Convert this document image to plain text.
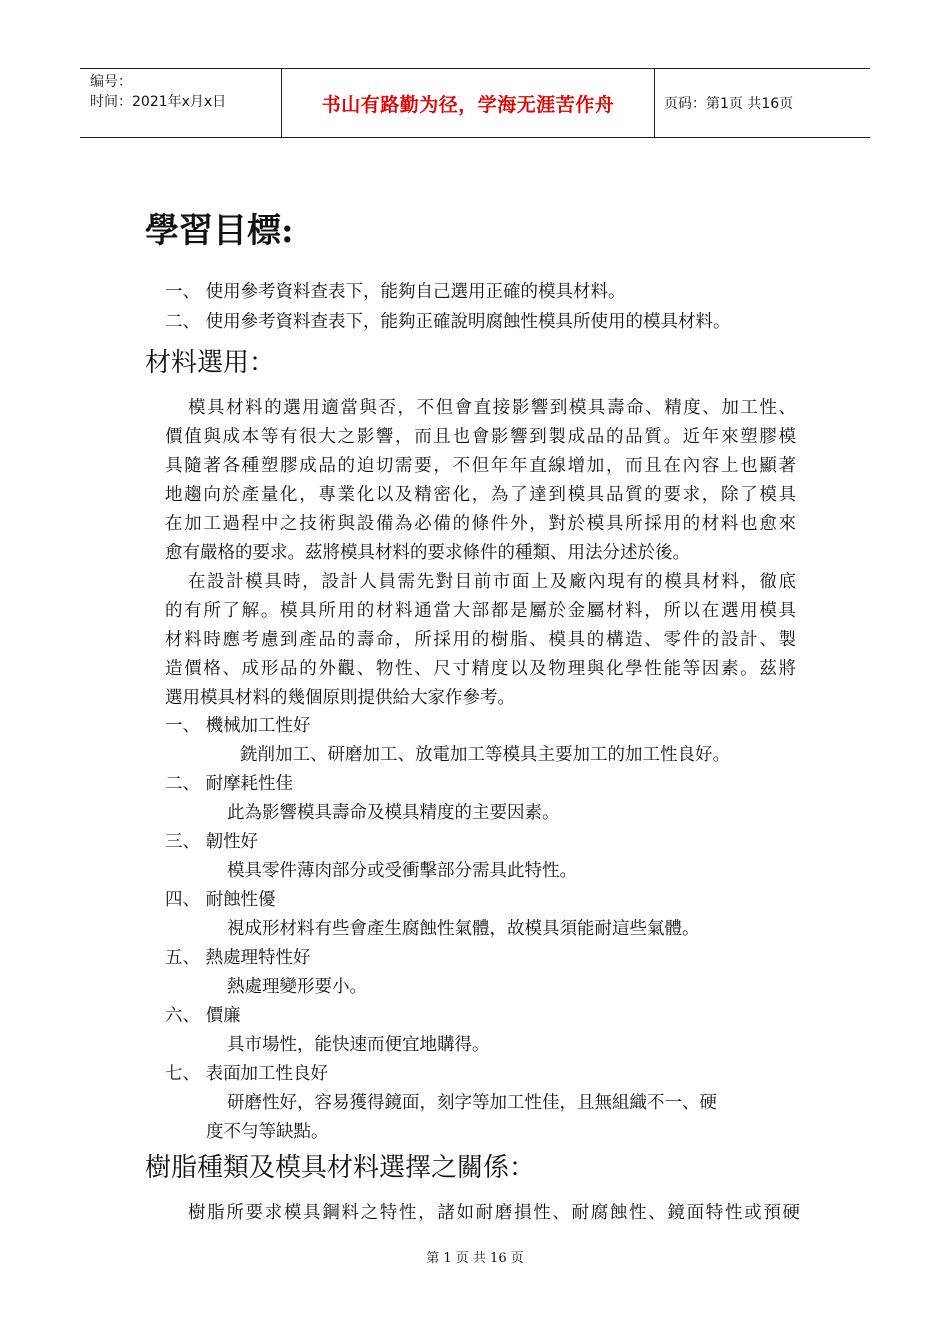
编号：
时间：2021年x月x日	书山有路勤为径，学海无涯苦作舟	页码：第1页 共16页
學習目標:
一、 使用參考資料查表下，能夠自己選用正確的模具材料。
二、 使用參考資料查表下，能夠正確說明腐蝕性模具所使用的模具材料。
材料選用：
模具材料的選用適當與否，不但會直接影響到模具壽命、精度、加工性、
價值與成本等有很大之影響，而且也會影響到製成品的品質。近年來塑膠模
具隨著各種塑膠成品的迫切需要，不但年年直線增加，而且在內容上也顯著
地趨向於產量化，專業化以及精密化，為了達到模具品質的要求，除了模具
在加工過程中之技術與設備為必備的條件外，對於模具所採用的材料也愈來
愈有嚴格的要求。茲將模具材料的要求條件的種類、用法分述於後。
在設計模具時，設計人員需先對目前市面上及廠內現有的模具材料，徹底
的有所了解。模具所用的材料通當大部都是屬於金屬材料，所以在選用模具
材料時應考慮到產品的壽命，所採用的樹脂、模具的構造、零件的設計、製
造價格、成形品的外觀、物性、尺寸精度以及物理與化學性能等因素。茲將
選用模具材料的幾個原則提供給大家作參考。
一、 機械加工性好
銑削加工、研磨加工、放電加工等模具主要加工的加工性良好。
二、 耐摩耗性佳
此為影響模具壽命及模具精度的主要因素。
三、 韌性好
模具零件薄肉部分或受衝擊部分需具此特性。
四、 耐蝕性優
視成形材料有些會產生腐蝕性氣體，故模具須能耐這些氣體。
五、 熱處理特性好
熱處理變形要小。
六、 價廉
具市場性，能快速而便宜地購得。
七、 表面加工性良好
研磨性好，容易獲得鏡面，刻字等加工性佳，且無組織不一、硬
度不勻等缺點。
樹脂種類及模具材料選擇之關係：
樹脂所要求模具鋼料之特性，諸如耐磨損性、耐腐蝕性、鏡面特性或預硬
第 1 页 共 16 页
